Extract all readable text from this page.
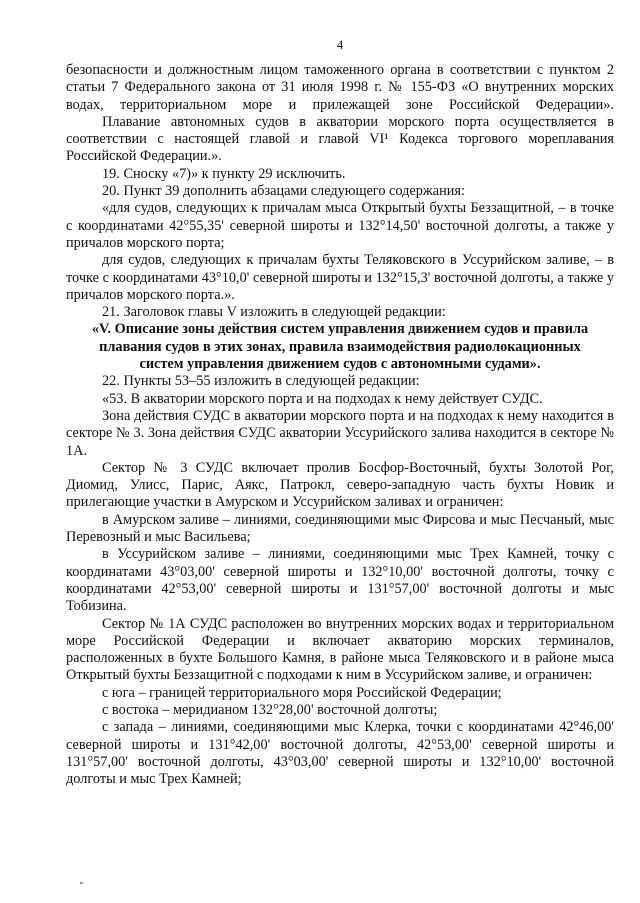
4

безопасности и должностным лицом таможенного органа в соответствии с пунктом 2 статьи 7 Федерального закона от 31 июля 1998 г. № 155-ФЗ «О внутренних морских водах, территориальном море и прилежащей зоне Российской Федерации».

Плавание автономных судов в акватории морского порта осуществляется в соответствии с настоящей главой и главой VI¹ Кодекса торгового мореплавания Российской Федерации.».

19. Сноску «7)» к пункту 29 исключить.

20. Пункт 39 дополнить абзацами следующего содержания:

«для судов, следующих к причалам мыса Открытый бухты Беззащитной, – в точке с координатами 42°55,35' северной широты и 132°14,50' восточной долготы, а также у причалов морского порта;

для судов, следующих к причалам бухты Теляковского в Уссурийском заливе, – в точке с координатами 43°10,0' северной широты и 132°15,3' восточной долготы, а также у причалов морского порта.».

21. Заголовок главы V изложить в следующей редакции:

«V. Описание зоны действия систем управления движением судов и правила плавания судов в этих зонах, правила взаимодействия радиолокационных систем управления движением судов с автономными судами».

22. Пункты 53–55 изложить в следующей редакции:

«53. В акватории морского порта и на подходах к нему действует СУДС.

Зона действия СУДС в акватории морского порта и на подходах к нему находится в секторе № 3. Зона действия СУДС акватории Уссурийского залива находится в секторе № 1А.

Сектор № 3 СУДС включает пролив Босфор-Восточный, бухты Золотой Рог, Диомид, Улисс, Парис, Аякс, Патрокл, северо-западную часть бухты Новик и прилегающие участки в Амурском и Уссурийском заливах и ограничен:

в Амурском заливе – линиями, соединяющими мыс Фирсова и мыс Песчаный, мыс Перевозный и мыс Васильева;

в Уссурийском заливе – линиями, соединяющими мыс Трех Камней, точку с координатами 43°03,00' северной широты и 132°10,00' восточной долготы, точку с координатами 42°53,00' северной широты и 131°57,00' восточной долготы и мыс Тобизина.

Сектор № 1А СУДС расположен во внутренних морских водах и территориальном море Российской Федерации и включает акваторию морских терминалов, расположенных в бухте Большого Камня, в районе мыса Теляковского и в районе мыса Открытый бухты Беззащитной с подходами к ним в Уссурийском заливе, и ограничен:

с юга – границей территориального моря Российской Федерации;

с востока – меридианом 132°28,00' восточной долготы;

с запада – линиями, соединяющими мыс Клерка, точки с координатами 42°46,00' северной широты и 131°42,00' восточной долготы, 42°53,00' северной широты и 131°57,00' восточной долготы, 43°03,00' северной широты и 132°10,00' восточной долготы и мыс Трех Камней;
